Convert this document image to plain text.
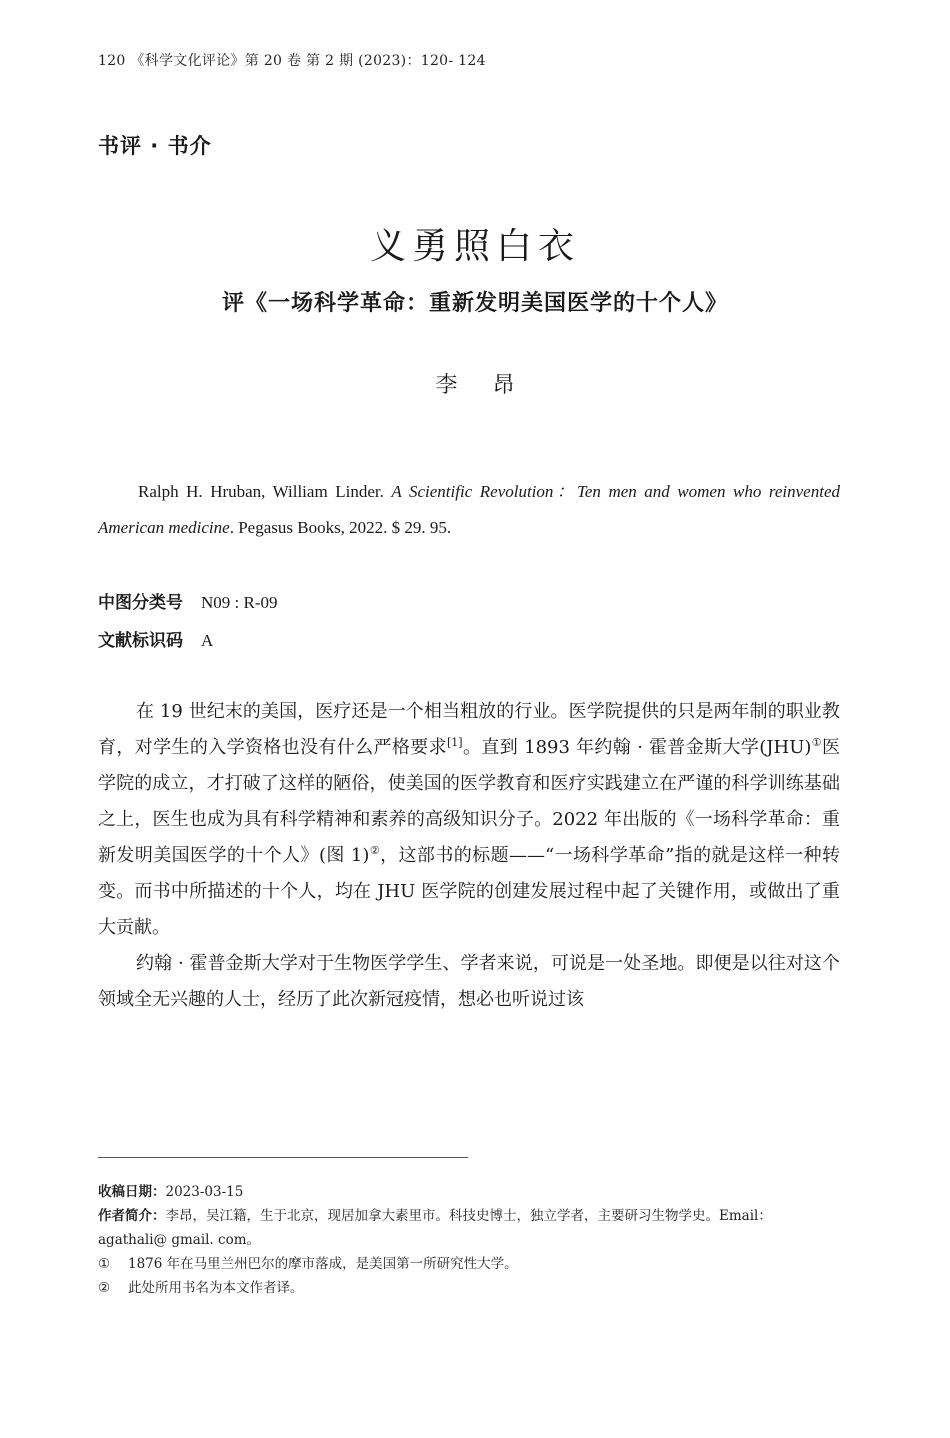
120 《科学文化评论》第 20 卷 第 2 期 (2023)：120- 124
书评 · 书介
义勇照白衣
评《一场科学革命：重新发明美国医学的十个人》
李 昂
Ralph H. Hruban, William Linder. A Scientific Revolution：Ten men and women who reinvented American medicine. Pegasus Books, 2022. $ 29. 95.
中图分类号 N09 : R-09
文献标识码 A

在 19 世纪末的美国，医疗还是一个相当粗放的行业。医学院提供的只是两年制的职业教育，对学生的入学资格也没有什么严格要求[1]。直到 1893 年约翰 · 霍普金斯大学(JHU)①医学院的成立，才打破了这样的陋俗，使美国的医学教育和医疗实践建立在严谨的科学训练基础之上，医生也成为具有科学精神和素养的高级知识分子。2022 年出版的《一场科学革命：重新发明美国医学的十个人》(图 1)②，这部书的标题——“一场科学革命”指的就是这样一种转变。而书中所描述的十个人，均在 JHU 医学院的创建发展过程中起了关键作用，或做出了重大贡献。

约翰 · 霍普金斯大学对于生物医学学生、学者来说，可说是一处圣地。即便是以往对这个领域全无兴趣的人士，经历了此次新冠疫情，想必也听说过该

收稿日期：2023-03-15
作者简介：李昂，吴江籍，生于北京，现居加拿大素里市。科技史博士，独立学者，主要研习生物学史。Email：agathali@ gmail. com。
①	1876 年在马里兰州巴尔的摩市落成，是美国第一所研究性大学。
②	此处所用书名为本文作者译。
